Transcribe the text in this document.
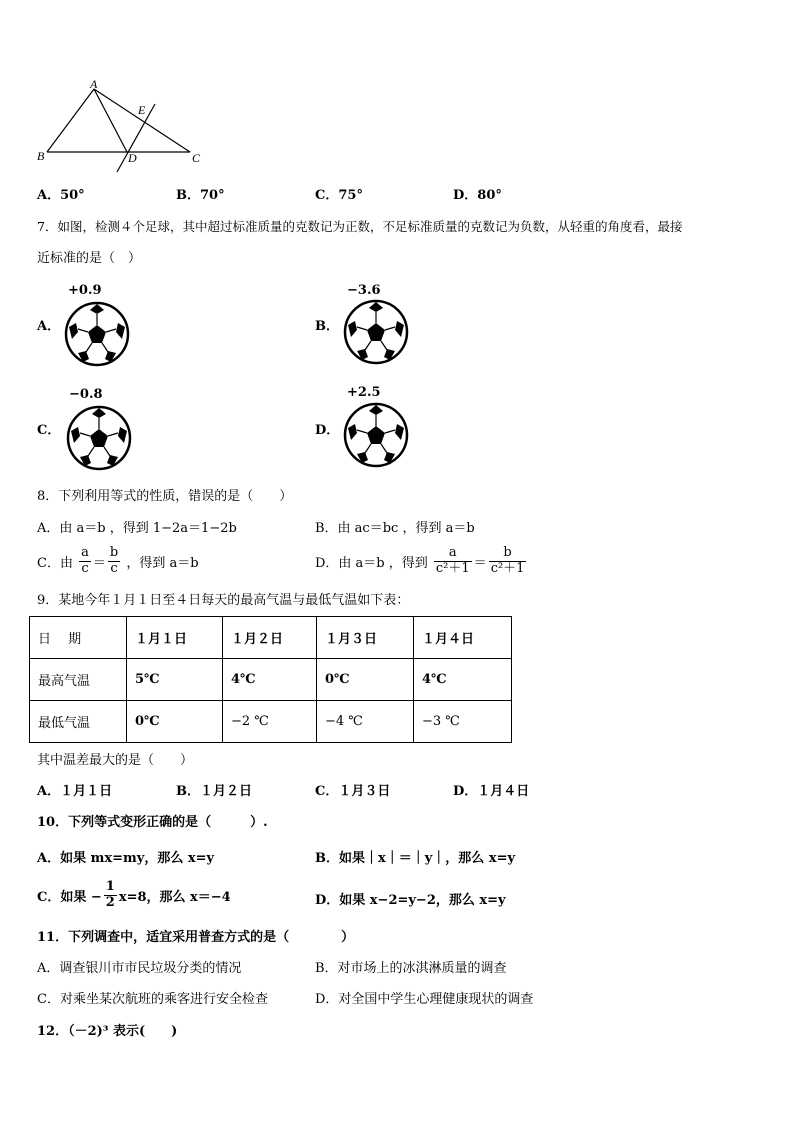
A
B	C
D
E
A．50°	B．70°	C．75°	D．80°
7．如图，检测４个足球，其中超过标准质量的克数记为正数，不足标准质量的克数记为负数，从轻重的角度看，最接
近标准的是（　）
+0.9	−3.6
−0.8	+2.5
A．	B．
C．	D．
8．下列利用等式的性质，错误的是（　　）
A．由 a＝b ，得到 1−2a＝1−2b	B．由 ac＝bc ，得到 a＝b
C．由 $\frac{a}{c} = \frac{b}{c}$ ，得到 a＝b	D．由 a＝b ，得到 $\frac{a}{\text{c²＋1}} = \frac{b}{\text{c²＋1}}$
9．某地今年１月１日至４日每天的最高气温与最低气温如下表：
日　 期	１月１日	１月２日	１月３日	１月４日
最高气温	5℃	4℃	0℃	4℃
最低气温	0℃	−2 ℃	−4 ℃	−3 ℃
其中温差最大的是（　　）
A．１月１日	B．１月２日	C．１月３日	D．１月４日
10．下列等式变形正确的是（　　　）.
A．如果 mx=my，那么 x=y	B．如果｜x｜＝｜y｜，那么 x=y
C．如果 − $\frac{1}{2} x=8$，那么 x＝−4	D．如果 x−2=y−2，那么 x=y
11．下列调查中，适宜采用普查方式的是（　　　　）
A．调查银川市市民垃圾分类的情况	B．对市场上的冰淇淋质量的调查
C．对乘坐某次航班的乘客进行安全检查	D．对全国中学生心理健康现状的调查
12．（－2)³ 表示(　　)
